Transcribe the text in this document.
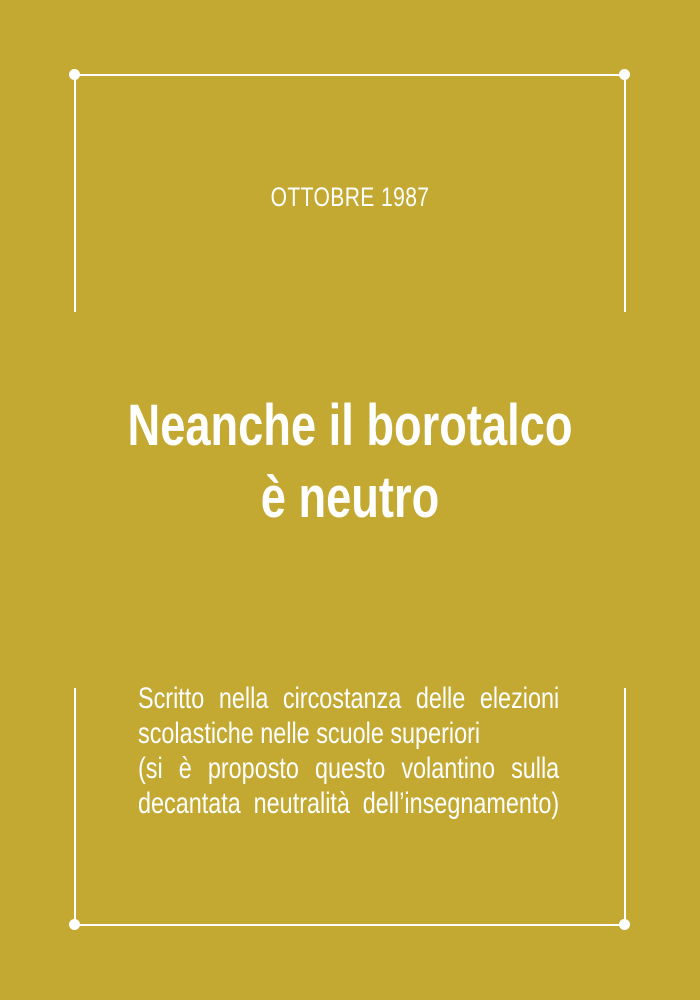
OTTOBRE 1987
Neanche il borotalco
è neutro
Scritto nella circostanza delle elezioni
scolastiche nelle scuole superiori
(si è proposto questo volantino sulla
decantata neutralità dell’insegnamento)
